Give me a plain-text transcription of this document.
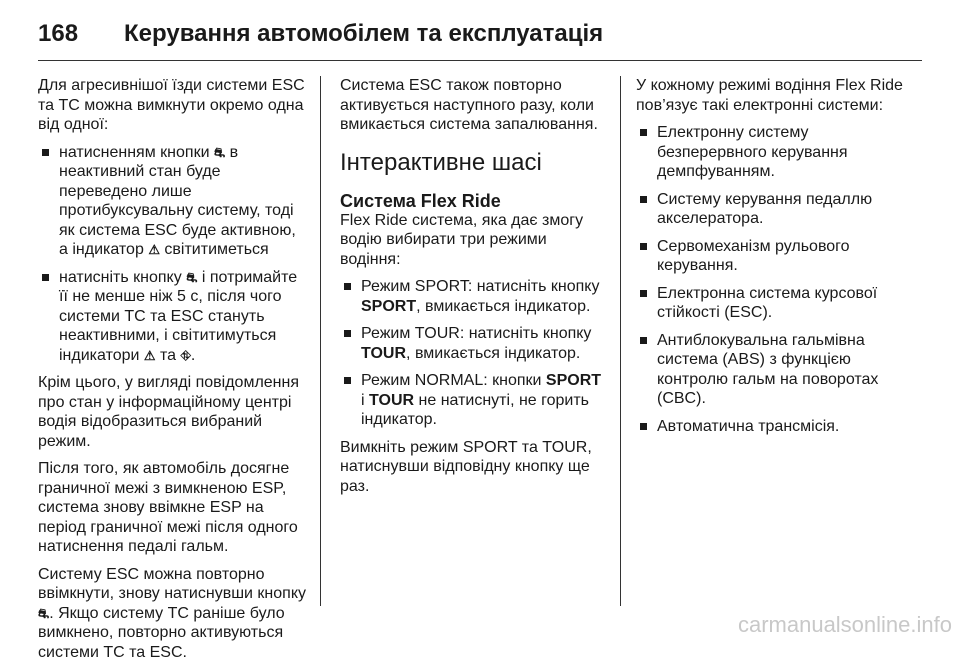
168	Керування автомобілем та експлуатація

Для агресивнішої їзди системи ESC та TC можна вимкнути окремо одна від одної:

натисненням кнопки ⛐ в неактивний стан буде переведено лише протибуксувальну систему, тоді як система ESC буде активною, а індикатор ⚠ світитиметься
натисніть кнопку ⛐ і потримайте її не менше ніж 5 с, після чого системи TC та ESC стануть неактивними, і світитимуться індикатори ⚠ та ⛗.

Крім цього, у вигляді повідомлення про стан у інформаційному центрі водія відобразиться вибраний режим.

Після того, як автомобіль досягне граничної межі з вимкненою ESP, система знову ввімкне ESP на період граничної межі після одного натиснення педалі гальм.

Систему ESC можна повторно ввімкнути, знову натиснувши кнопку ⛐. Якщо систему TC раніше було вимкнено, повторно активуються системи TC та ESC.

Система ESC також повторно активується наступного разу, коли вмикається система запалювання.

Інтерактивне шасі
Система Flex Ride

Flex Ride система, яка дає змогу водію вибирати три режими водіння:

Режим SPORT: натисніть кнопку SPORT, вмикається індикатор.
Режим TOUR: натисніть кнопку TOUR, вмикається індикатор.
Режим NORMAL: кнопки SPORT і TOUR не натиснуті, не горить індикатор.

Вимкніть режим SPORT та TOUR, натиснувши відповідну кнопку ще раз.

У кожному режимі водіння Flex Ride пов’язує такі електронні системи:

Електронну систему безперервного керування демпфуванням.
Систему керування педаллю акселератора.
Сервомеханізм рульового керування.
Електронна система курсової стійкості (ESC).
Антиблокувальна гальмівна система (ABS) з функцією контролю гальм на поворотах (CBC).
Автоматична трансмісія.
carmanualsonline.info
